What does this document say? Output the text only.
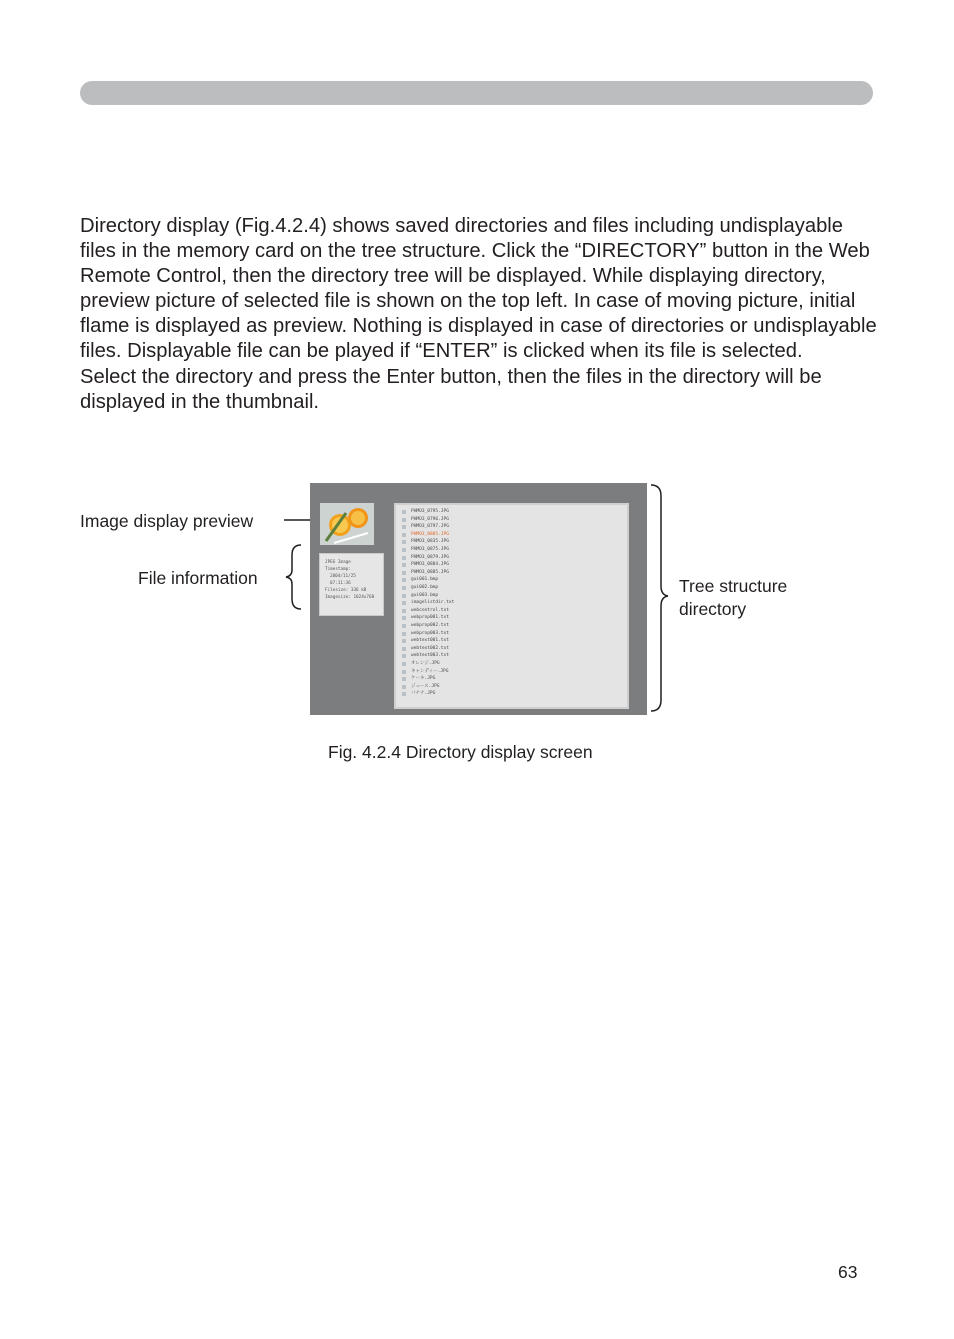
Directory display (Fig.4.2.4) shows saved directories and files including undisplayable files in the memory card on the tree structure. Click the “DIRECTORY” button in the Web Remote Control, then the directory tree will be displayed. While displaying directory, preview picture of selected file is shown on the top left. In case of moving picture, initial flame is displayed as preview. Nothing is displayed in case of directories or undisplayable files. Displayable file can be played if “ENTER” is clicked when its file is selected.

Select the directory and press the Enter button, then the files in the directory will be displayed in the thumbnail.

Image display preview
File information	Tree structure
directory
JPEG Image
Timestamp:
2004/11/25
07:11:36
Filesize: 336 kB
Imagesize: 1024x768
PHMO3_0795.JPG
PHMO3_0796.JPG
PHMO3_0797.JPG
PHMO3_0805.JPG
PHMO3_0835.JPG
PHMO3_0875.JPG
PHMO3_0879.JPG
PHMO3_0884.JPG
PHMO3_0885.JPG
gui001.bmp
gui002.bmp
gui003.bmp
imagelistdir.txt
webcontrol.txt
webprop001.txt
webprop002.txt
webprop003.txt
webtext001.txt
webtext002.txt
webtext003.txt
オレンジ.JPG
キャンディー.JPG
ケーキ.JPG
ジュース.JPG
バナナ.JPG
Fig. 4.2.4 Directory display screen
63
